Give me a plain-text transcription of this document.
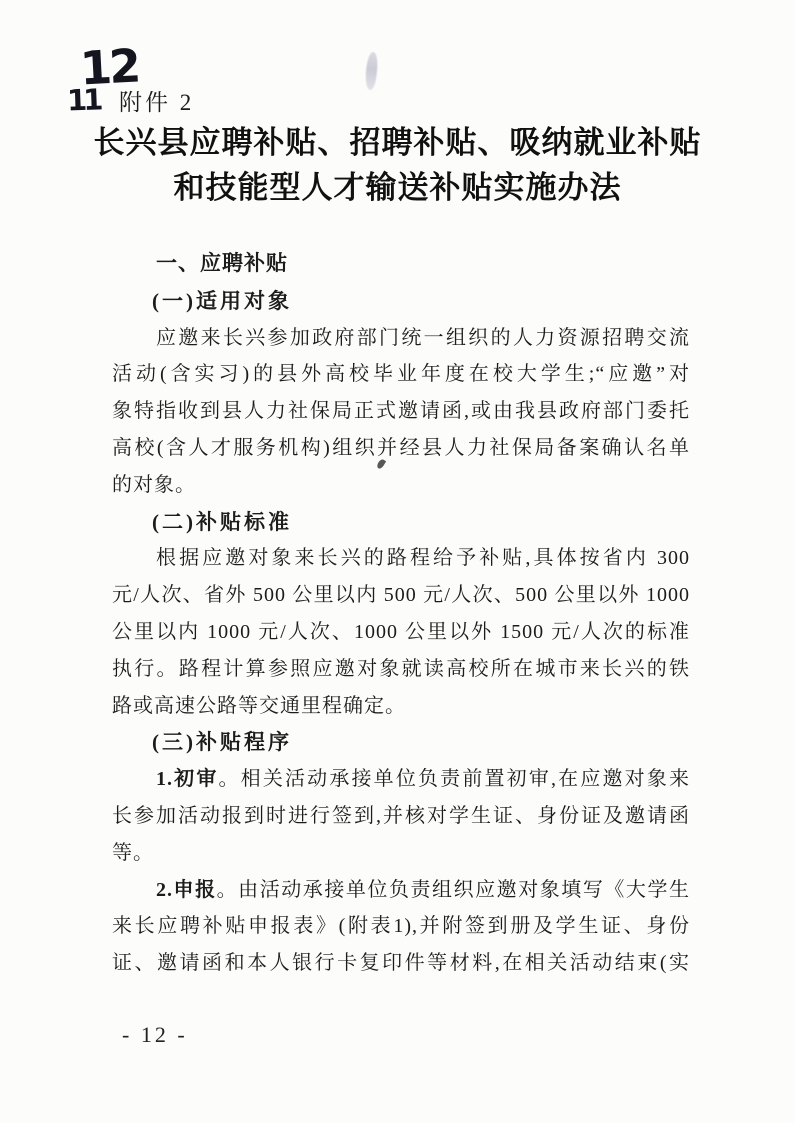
12
11 附件 2
长兴县应聘补贴、招聘补贴、吸纳就业补贴
和技能型人才输送补贴实施办法
一、应聘补贴
(一)适用对象
应邀来长兴参加政府部门统一组织的人力资源招聘交流
活动(含实习)的县外高校毕业年度在校大学生;“应邀”对
象特指收到县人力社保局正式邀请函,或由我县政府部门委托
高校(含人才服务机构)组织并经县人力社保局备案确认名单
的对象。
(二)补贴标准
根据应邀对象来长兴的路程给予补贴,具体按省内 300
元/人次、省外 500 公里以内 500 元/人次、500 公里以外 1000
公里以内 1000 元/人次、1000 公里以外 1500 元/人次的标准
执行。路程计算参照应邀对象就读高校所在城市来长兴的铁
路或高速公路等交通里程确定。
(三)补贴程序
1.初审。相关活动承接单位负责前置初审,在应邀对象来
长参加活动报到时进行签到,并核对学生证、身份证及邀请函
等。
2.申报。由活动承接单位负责组织应邀对象填写《大学生
来长应聘补贴申报表》(附表1),并附签到册及学生证、身份
证、邀请函和本人银行卡复印件等材料,在相关活动结束(实
- 12 -
